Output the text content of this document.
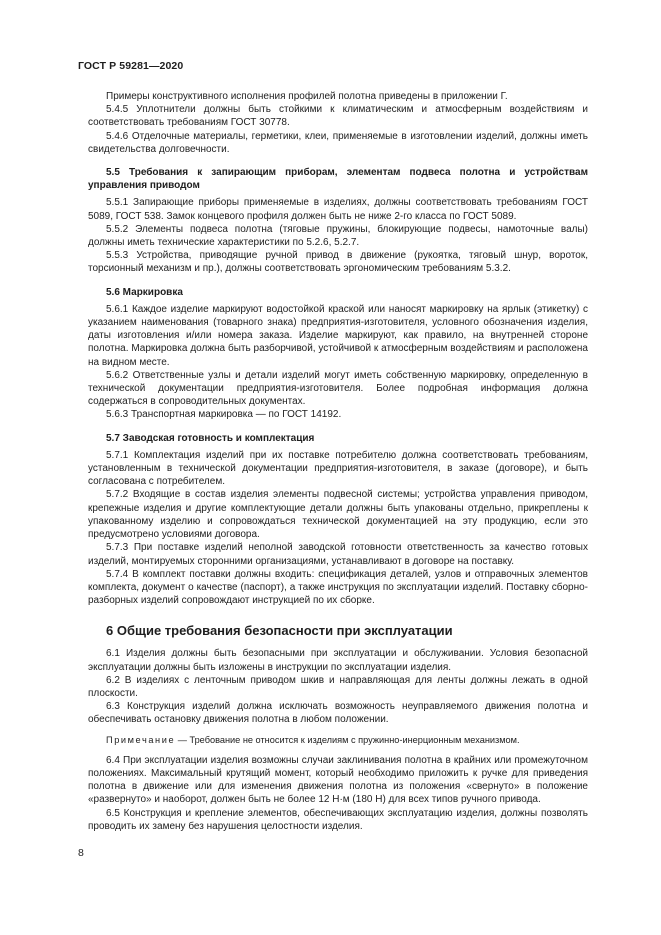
ГОСТ Р 59281—2020

Примеры конструктивного исполнения профилей полотна приведены в приложении Г.

5.4.5 Уплотнители должны быть стойкими к климатическим и атмосферным воздействиям и соответствовать требованиям ГОСТ 30778.

5.4.6 Отделочные материалы, герметики, клеи, применяемые в изготовлении изделий, должны иметь свидетельства долговечности.

5.5 Требования к запирающим приборам, элементам подвеса полотна и устройствам управления приводом

5.5.1 Запирающие приборы применяемые в изделиях, должны соответствовать требованиям ГОСТ 5089, ГОСТ 538. Замок концевого профиля должен быть не ниже 2-го класса по ГОСТ 5089.

5.5.2 Элементы подвеса полотна (тяговые пружины, блокирующие подвесы, намоточные валы) должны иметь технические характеристики по 5.2.6, 5.2.7.

5.5.3 Устройства, приводящие ручной привод в движение (рукоятка, тяговый шнур, вороток, торсионный механизм и пр.), должны соответствовать эргономическим требованиям 5.3.2.

5.6 Маркировка

5.6.1 Каждое изделие маркируют водостойкой краской или наносят маркировку на ярлык (этикетку) с указанием наименования (товарного знака) предприятия-изготовителя, условного обозначения изделия, даты изготовления и/или номера заказа. Изделие маркируют, как правило, на внутренней стороне полотна. Маркировка должна быть разборчивой, устойчивой к атмосферным воздействиям и расположена на видном месте.

5.6.2 Ответственные узлы и детали изделий могут иметь собственную маркировку, определенную в технической документации предприятия-изготовителя. Более подробная информация должна содержаться в сопроводительных документах.

5.6.3 Транспортная маркировка — по ГОСТ 14192.

5.7 Заводская готовность и комплектация

5.7.1 Комплектация изделий при их поставке потребителю должна соответствовать требованиям, установленным в технической документации предприятия-изготовителя, в заказе (договоре), и быть согласована с потребителем.

5.7.2 Входящие в состав изделия элементы подвесной системы; устройства управления приводом, крепежные изделия и другие комплектующие детали должны быть упакованы отдельно, прикреплены к упакованному изделию и сопровождаться технической документацией на эту продукцию, если это предусмотрено условиями договора.

5.7.3 При поставке изделий неполной заводской готовности ответственность за качество готовых изделий, монтируемых сторонними организациями, устанавливают в договоре на поставку.

5.7.4 В комплект поставки должны входить: спецификация деталей, узлов и отправочных элементов комплекта, документ о качестве (паспорт), а также инструкция по эксплуатации изделий. Поставку сборно-разборных изделий сопровождают инструкцией по их сборке.

6 Общие требования безопасности при эксплуатации

6.1 Изделия должны быть безопасными при эксплуатации и обслуживании. Условия безопасной эксплуатации должны быть изложены в инструкции по эксплуатации изделия.

6.2 В изделиях с ленточным приводом шкив и направляющая для ленты должны лежать в одной плоскости.

6.3 Конструкция изделий должна исключать возможность неуправляемого движения полотна и обеспечивать остановку движения полотна в любом положении.

Примечание — Требование не относится к изделиям с пружинно-инерционным механизмом.

6.4 При эксплуатации изделия возможны случаи заклинивания полотна в крайних или промежуточном положениях. Максимальный крутящий момент, который необходимо приложить к ручке для приведения полотна в движение или для изменения движения полотна из положения «свернуто» в положение «развернуто» и наоборот, должен быть не более 12 Н·м (180 Н) для всех типов ручного привода.

6.5 Конструкция и крепление элементов, обеспечивающих эксплуатацию изделия, должны позволять проводить их замену без нарушения целостности изделия.

8
